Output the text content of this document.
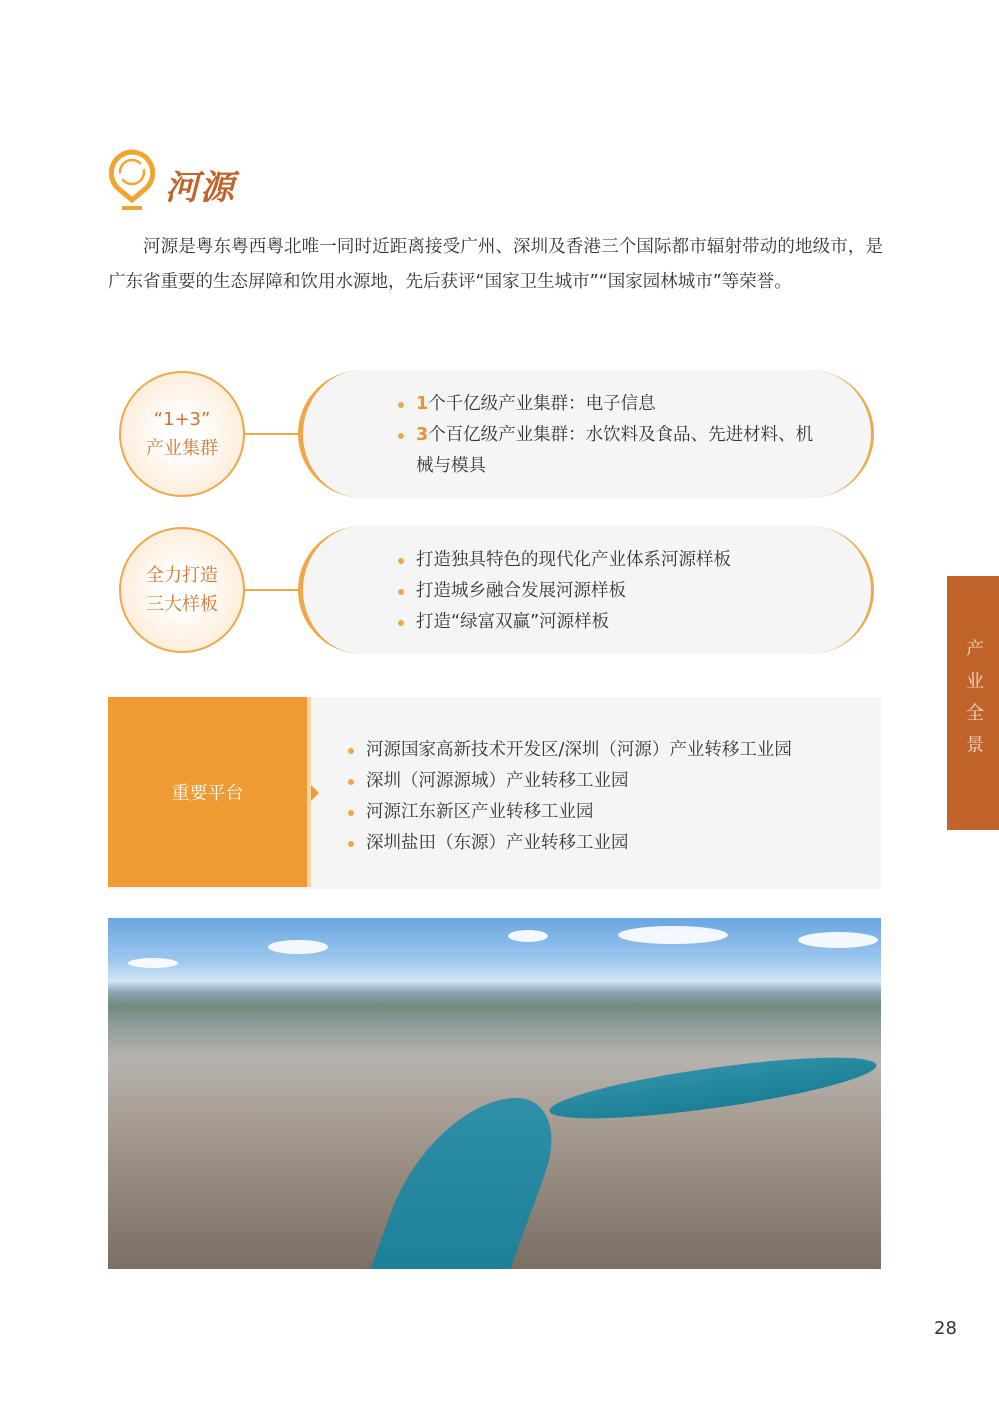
河源

河源是粤东粤西粤北唯一同时近距离接受广州、深圳及香港三个国际都市辐射带动的地级市，是广东省重要的生态屏障和饮用水源地，先后获评“国家卫生城市”“国家园林城市”等荣誉。

“1+3”
产业集群
1个千亿级产业集群：电子信息
3个百亿级产业集群：水饮料及食品、先进材料、机械与模具
全力打造
三大样板
打造独具特色的现代化产业体系河源样板
打造城乡融合发展河源样板
打造“绿富双赢”河源样板
重要平台
河源国家高新技术开发区/深圳（河源）产业转移工业园
深圳（河源源城）产业转移工业园
河源江东新区产业转移工业园
深圳盐田（东源）产业转移工业园
产业全景
28
